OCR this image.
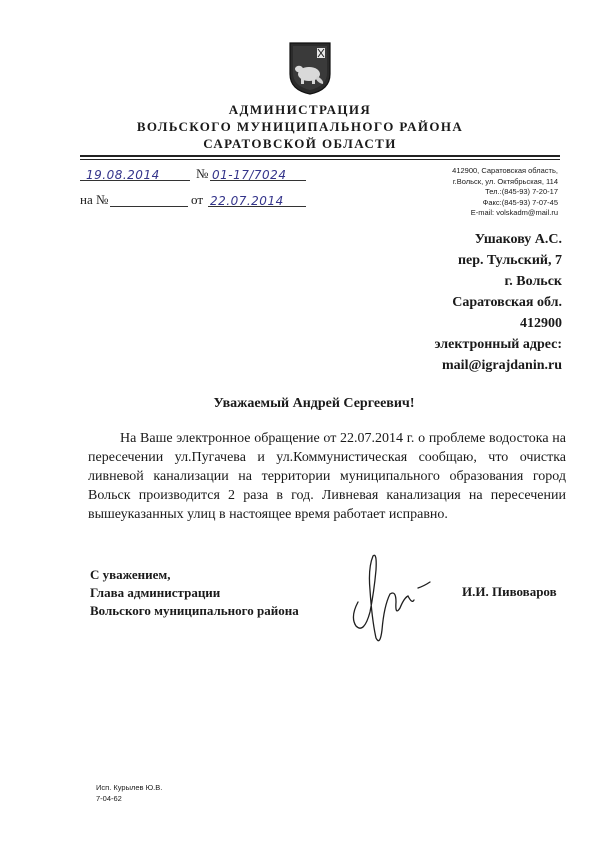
АДМИНИСТРАЦИЯ
ВОЛЬСКОГО МУНИЦИПАЛЬНОГО РАЙОНА
САРАТОВСКОЙ ОБЛАСТИ
19.08.2014	№ 01-17/7024
на №	от 22.07.2014
412900, Саратовская область,
г.Вольск, ул. Октябрьская, 114
Тел.:(845-93) 7-20-17
Факс:(845-93) 7-07-45
E-mail: volskadm@mail.ru
Ушакову А.С.
пер. Тульский, 7
г. Вольск
Саратовская обл.
412900
электронный адрес:
mail@igrajdanin.ru
Уважаемый Андрей Сергеевич!
На Ваше электронное обращение от 22.07.2014 г. о проблеме водостока на пересечении ул.Пугачева и ул.Коммунистическая сообщаю, что очистка ливневой канализации на территории муниципального образования город Вольск производится 2 раза в год. Ливневая канализация на пересечении вышеуказанных улиц в настоящее время работает исправно.
С уважением,
Глава администрации
Вольского муниципального района
И.И. Пивоваров
Исп. Курылев Ю.В.
7-04-62
